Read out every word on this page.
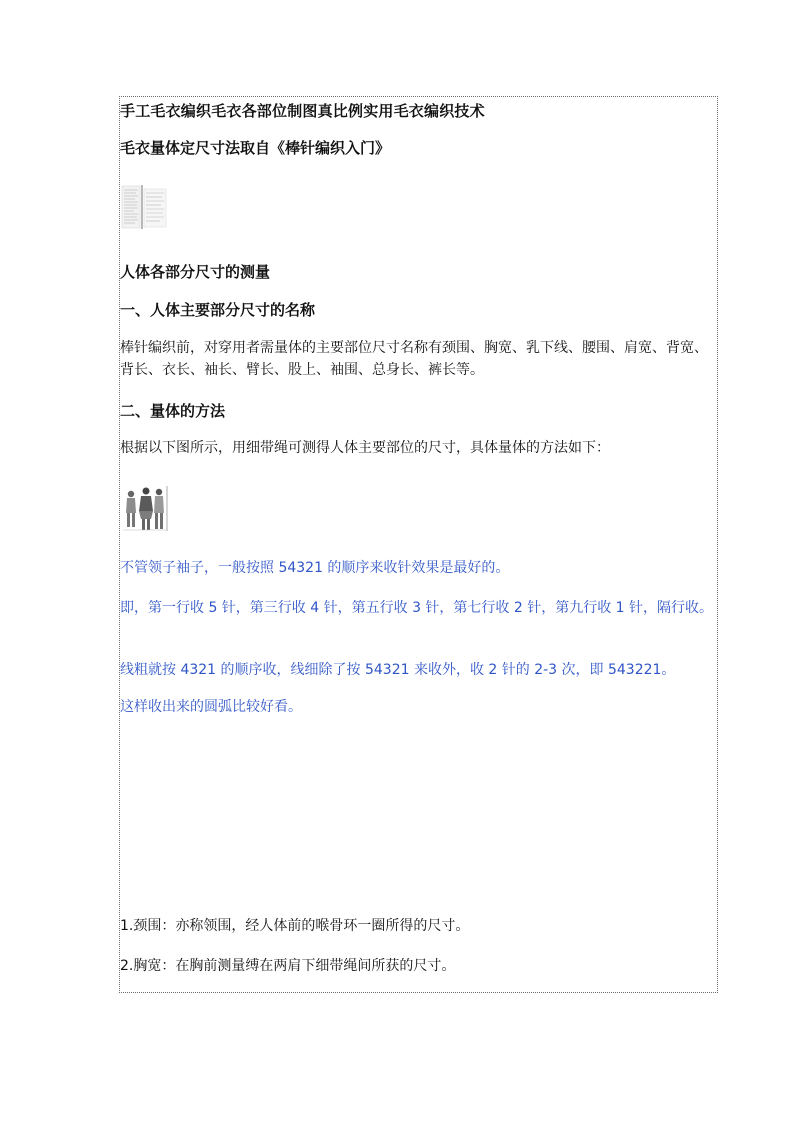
手工毛衣编织毛衣各部位制图真比例实用毛衣编织技术

毛衣量体定尺寸法取自《棒针编织入门》

人体各部分尺寸的测量

一、人体主要部分尺寸的名称

棒针编织前，对穿用者需量体的主要部位尺寸名称有颈围、胸宽、乳下线、腰围、肩宽、背宽、背长、衣长、袖长、臂长、股上、袖围、总身长、裤长等。

二、量体的方法

根据以下图所示，用细带绳可测得人体主要部位的尺寸，具体量体的方法如下：

不管领子袖子，一般按照 54321 的顺序来收针效果是最好的。

即，第一行收 5 针，第三行收 4 针，第五行收 3 针，第七行收 2 针，第九行收 1 针，隔行收。

线粗就按 4321 的顺序收，线细除了按 54321 来收外，收 2 针的 2-3 次，即 543221。

这样收出来的圆弧比较好看。

1.颈围：亦称领围，经人体前的喉骨环一圈所得的尺寸。

2.胸宽：在胸前测量缚在两肩下细带绳间所获的尺寸。
